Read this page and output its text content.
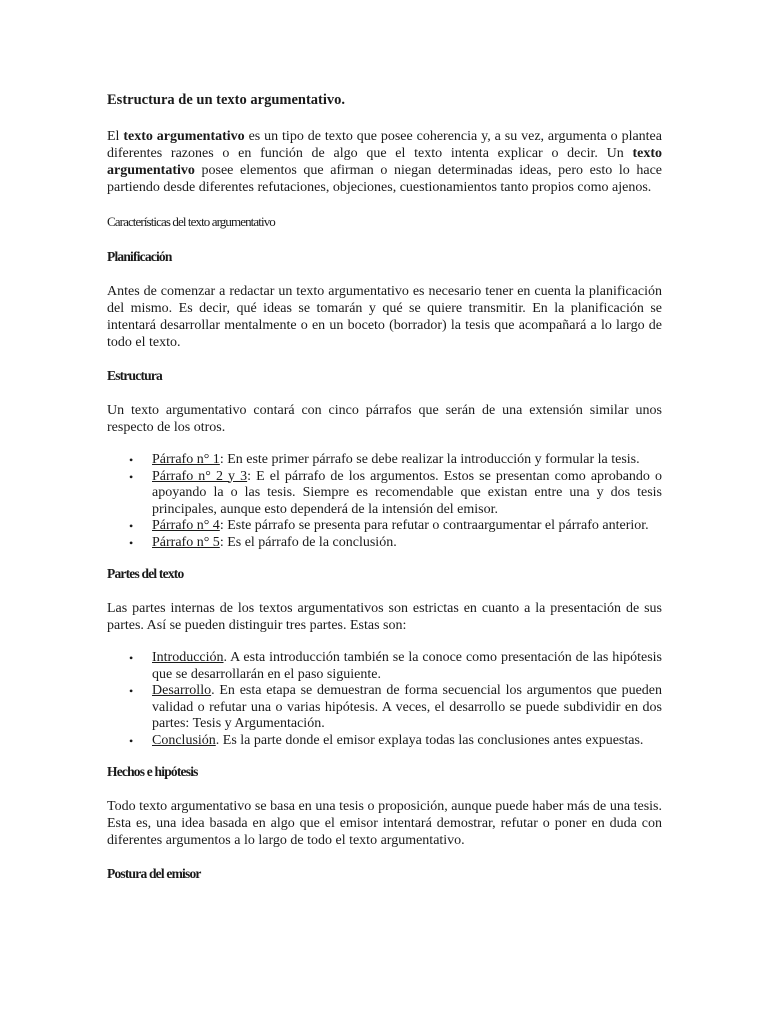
Estructura de un texto argumentativo.

El texto argumentativo es un tipo de texto que posee coherencia y, a su vez, argumenta o plantea diferentes razones o en función de algo que el texto intenta explicar o decir. Un texto argumentativo posee elementos que afirman o niegan determinadas ideas, pero esto lo hace partiendo desde diferentes refutaciones, objeciones, cuestionamientos tanto propios como ajenos.

Características del texto argumentativo
Planificación

Antes de comenzar a redactar un texto argumentativo es necesario tener en cuenta la planificación del mismo. Es decir, qué ideas se tomarán y qué se quiere transmitir. En la planificación se intentará desarrollar mentalmente o en un boceto (borrador) la tesis que acompañará a lo largo de todo el texto.

Estructura

Un texto argumentativo contará con cinco párrafos que serán de una extensión similar unos respecto de los otros.

• Párrafo n° 1: En este primer párrafo se debe realizar la introducción y formular la tesis.
• Párrafo n° 2 y 3: E el párrafo de los argumentos. Estos se presentan como aprobando o apoyando la o las tesis. Siempre es recomendable que existan entre una y dos tesis principales, aunque esto dependerá de la intensión del emisor.
• Párrafo n° 4: Este párrafo se presenta para refutar o contraargumentar el párrafo anterior.
• Párrafo n° 5: Es el párrafo de la conclusión.
Partes del texto

Las partes internas de los textos argumentativos son estrictas en cuanto a la presentación de sus partes. Así se pueden distinguir tres partes. Estas son:

• Introducción. A esta introducción también se la conoce como presentación de las hipótesis que se desarrollarán en el paso siguiente.
• Desarrollo. En esta etapa se demuestran de forma secuencial los argumentos que pueden validad o refutar una o varias hipótesis. A veces, el desarrollo se puede subdividir en dos partes: Tesis y Argumentación.
• Conclusión. Es la parte donde el emisor explaya todas las conclusiones antes expuestas.
Hechos e hipótesis

Todo texto argumentativo se basa en una tesis o proposición, aunque puede haber más de una tesis. Esta es, una idea basada en algo que el emisor intentará demostrar, refutar o poner en duda con diferentes argumentos a lo largo de todo el texto argumentativo.

Postura del emisor
